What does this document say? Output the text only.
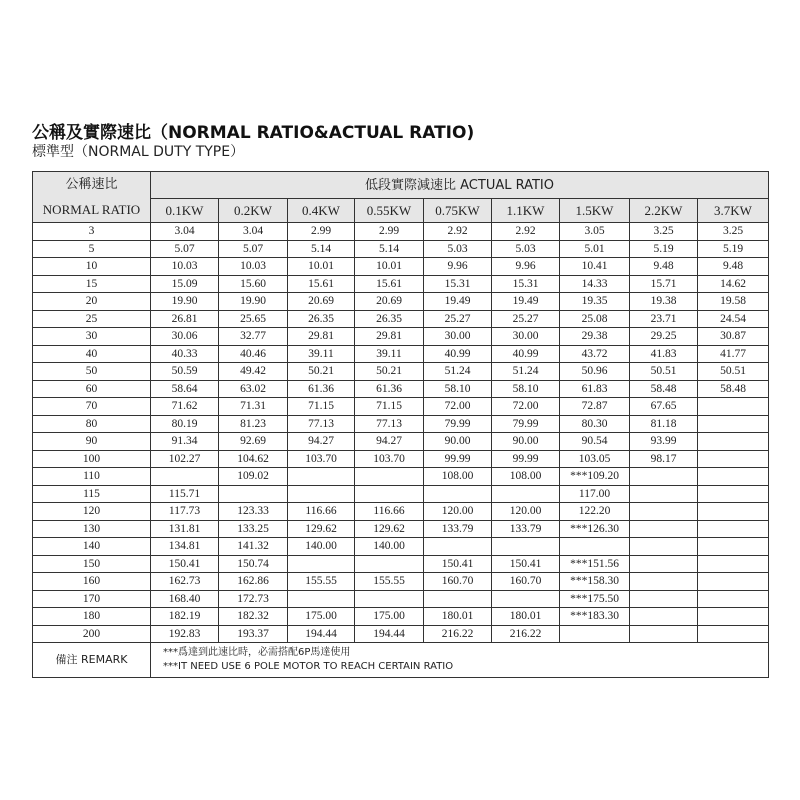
公稱及實際速比（NORMAL RATIO&ACTUAL RATIO)
標準型（NORMAL DUTY TYPE）
公稱速比
NORMAL RATIO	低段實際減速比 ACTUAL RATIO								
	0.1KW	0.2KW	0.4KW	0.55KW	0.75KW	1.1KW	1.5KW	2.2KW	3.7KW
3	3.04	3.04	2.99	2.99	2.92	2.92	3.05	3.25	3.25
5	5.07	5.07	5.14	5.14	5.03	5.03	5.01	5.19	5.19
10	10.03	10.03	10.01	10.01	9.96	9.96	10.41	9.48	9.48
15	15.09	15.60	15.61	15.61	15.31	15.31	14.33	15.71	14.62
20	19.90	19.90	20.69	20.69	19.49	19.49	19.35	19.38	19.58
25	26.81	25.65	26.35	26.35	25.27	25.27	25.08	23.71	24.54
30	30.06	32.77	29.81	29.81	30.00	30.00	29.38	29.25	30.87
40	40.33	40.46	39.11	39.11	40.99	40.99	43.72	41.83	41.77
50	50.59	49.42	50.21	50.21	51.24	51.24	50.96	50.51	50.51
60	58.64	63.02	61.36	61.36	58.10	58.10	61.83	58.48	58.48
70	71.62	71.31	71.15	71.15	72.00	72.00	72.87	67.65	
80	80.19	81.23	77.13	77.13	79.99	79.99	80.30	81.18	
90	91.34	92.69	94.27	94.27	90.00	90.00	90.54	93.99	
100	102.27	104.62	103.70	103.70	99.99	99.99	103.05	98.17	
110		109.02			108.00	108.00	***109.20		
115	115.71						117.00		
120	117.73	123.33	116.66	116.66	120.00	120.00	122.20		
130	131.81	133.25	129.62	129.62	133.79	133.79	***126.30		
140	134.81	141.32	140.00	140.00					
150	150.41	150.74			150.41	150.41	***151.56		
160	162.73	162.86	155.55	155.55	160.70	160.70	***158.30		
170	168.40	172.73					***175.50		
180	182.19	182.32	175.00	175.00	180.01	180.01	***183.30		
200	192.83	193.37	194.44	194.44	216.22	216.22			
備注 REMARK	***爲達到此速比時，必需搭配6P馬達使用
***IT NEED USE 6 POLE MOTOR TO REACH CERTAIN RATIO								
